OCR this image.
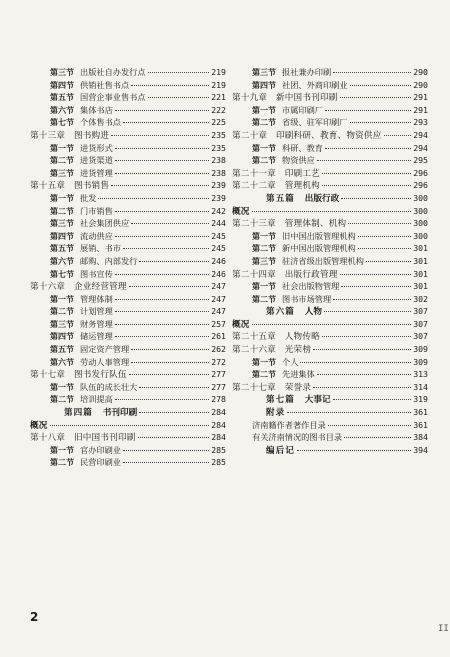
第三节 出版社自办发行点	219
第四节 供销社售书点	219
第五节 国营企事业售书点	221
第六节 集体书店	222
第七节 个体售书点	225
第十三章　图书购进	235
第一节 进货形式	235
第二节 进货渠道	238
第三节 进货管理	238
第十五章　图书销售	239
第一节 批发	239
第二节 门市销售	242
第三节 社会集团供应	244
第四节 流动供应	245
第五节 展销、书市	245
第六节 邮购、内部发行	246
第七节 图书宣传	246
第十六章　企业经营管理	247
第一节 管理体制	247
第二节 计划管理	247
第三节 财务管理	257
第四节 储运管理	261
第五节 固定资产管理	262
第六节 劳动人事管理	272
第十七章　图书发行队伍	277
第一节 队伍的成长壮大	277
第二节 培训提高	278
第四篇 书刊印刷	284
概况	284
第十八章　旧中国书刊印刷	284
第一节 官办印刷业	285
第二节 民营印刷业	285
第三节 报社兼办印刷	290
第四节 社团、外商印刷业	290
第十九章　新中国书刊印刷	291
第一节 市属印刷厂	291
第二节 省级、驻军印刷厂	293
第二十章　印刷科研、教育、物资供应	294
第一节 科研、教育	294
第二节 物资供应	295
第二十一章　印刷工艺	296
第二十二章　管理机构	296
第五篇 出版行政	300
概况	300
第二十三章　管理体制、机构	300
第一节 旧中国出版管理机构	300
第二节 新中国出版管理机构	301
第三节 驻济省级出版管理机构	301
第二十四章　出版行政管理	301
第一节 社会出版物管理	301
第二节 图书市场管理	302
第六篇 人物	307
概况	307
第二十五章　人物传略	307
第二十六章　光荣榜	309
第一节 个人	309
第二节 先进集体	313
第二十七章　荣誉录	314
第七篇 大事记	319
附录	361
济南籍作者著作目录	361
有关济南情况的图书目录	384
编后记	394
2
II
